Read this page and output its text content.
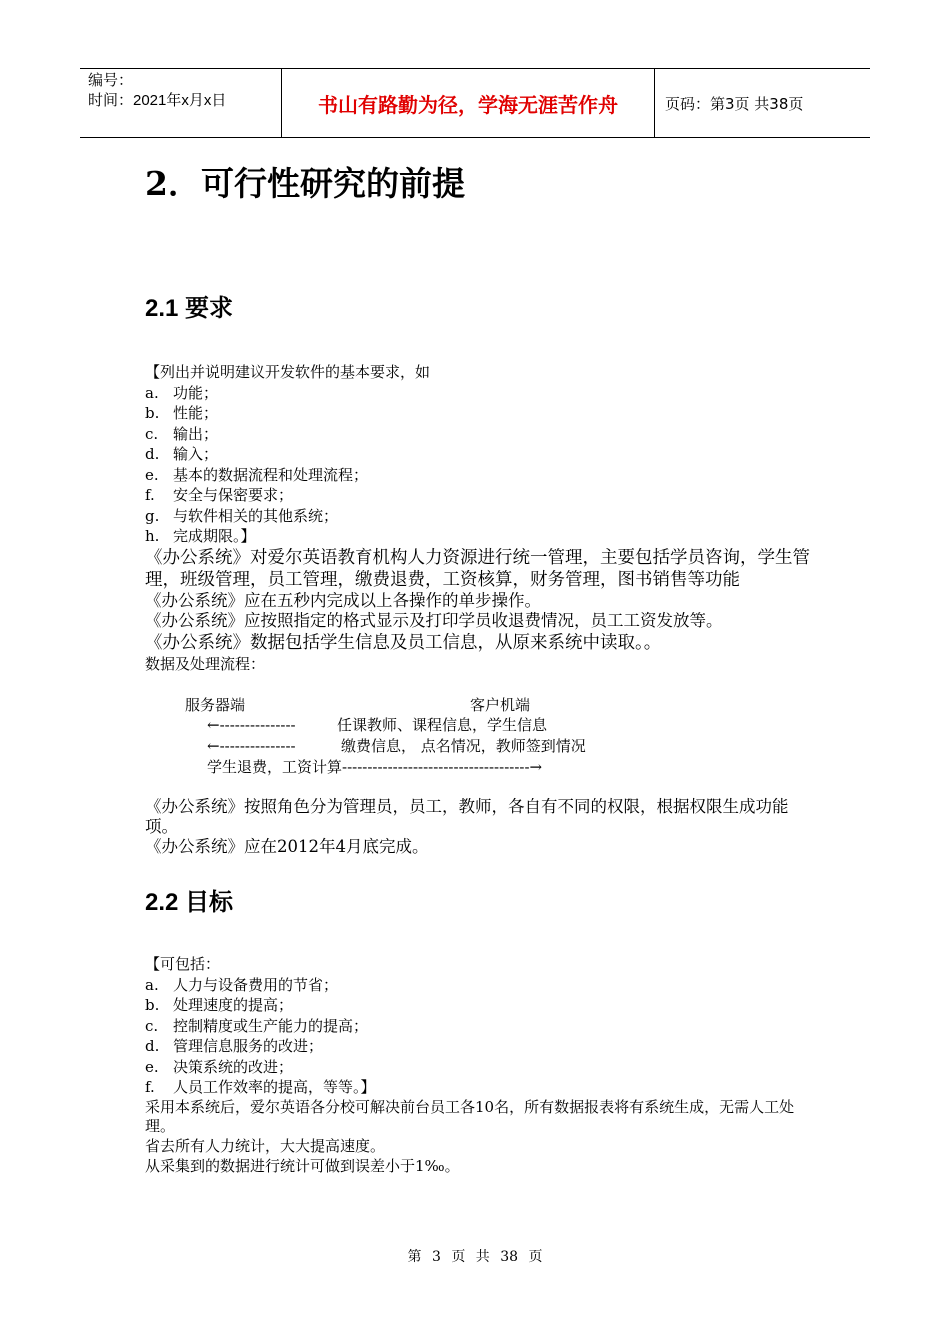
编号：
时间：2021年x月x日	书山有路勤为径，学海无涯苦作舟	页码：第3页 共38页
2．可行性研究的前提
2.1 要求
【列出并说明建议开发软件的基本要求，如
a. 功能；
b. 性能；
c. 输出；
d. 输入；
e. 基本的数据流程和处理流程；
f.	安全与保密要求；
g. 与软件相关的其他系统；
h. 完成期限。】
《办公系统》对爱尔英语教育机构人力资源进行统一管理，主要包括学员咨询，学生管理，班级管理，员工管理，缴费退费，工资核算，财务管理，图书销售等功能
《办公系统》应在五秒内完成以上各操作的单步操作。
《办公系统》应按照指定的格式显示及打印学员收退费情况，员工工资发放等。
《办公系统》数据包括学生信息及员工信息，从原来系统中读取。。
数据及处理流程：
服务器端	客户机端
←---------------	任课教师、课程信息，学生信息
←---------------	缴费信息， 点名情况，教师签到情况
学生退费，工资计算-------------------------------------→
《办公系统》按照角色分为管理员，员工，教师，各自有不同的权限，根据权限生成功能项。
《办公系统》应在2012年4月底完成。
2.2 目标
【可包括：
a. 人力与设备费用的节省；
b. 处理速度的提高；
c. 控制精度或生产能力的提高；
d. 管理信息服务的改进；
e. 决策系统的改进；
f.	人员工作效率的提高，等等。】
采用本系统后，爱尔英语各分校可解决前台员工各10名，所有数据报表将有系统生成，无需人工处理。
省去所有人力统计，大大提高速度。
从采集到的数据进行统计可做到误差小于1‰。
第 3 页 共 38 页
